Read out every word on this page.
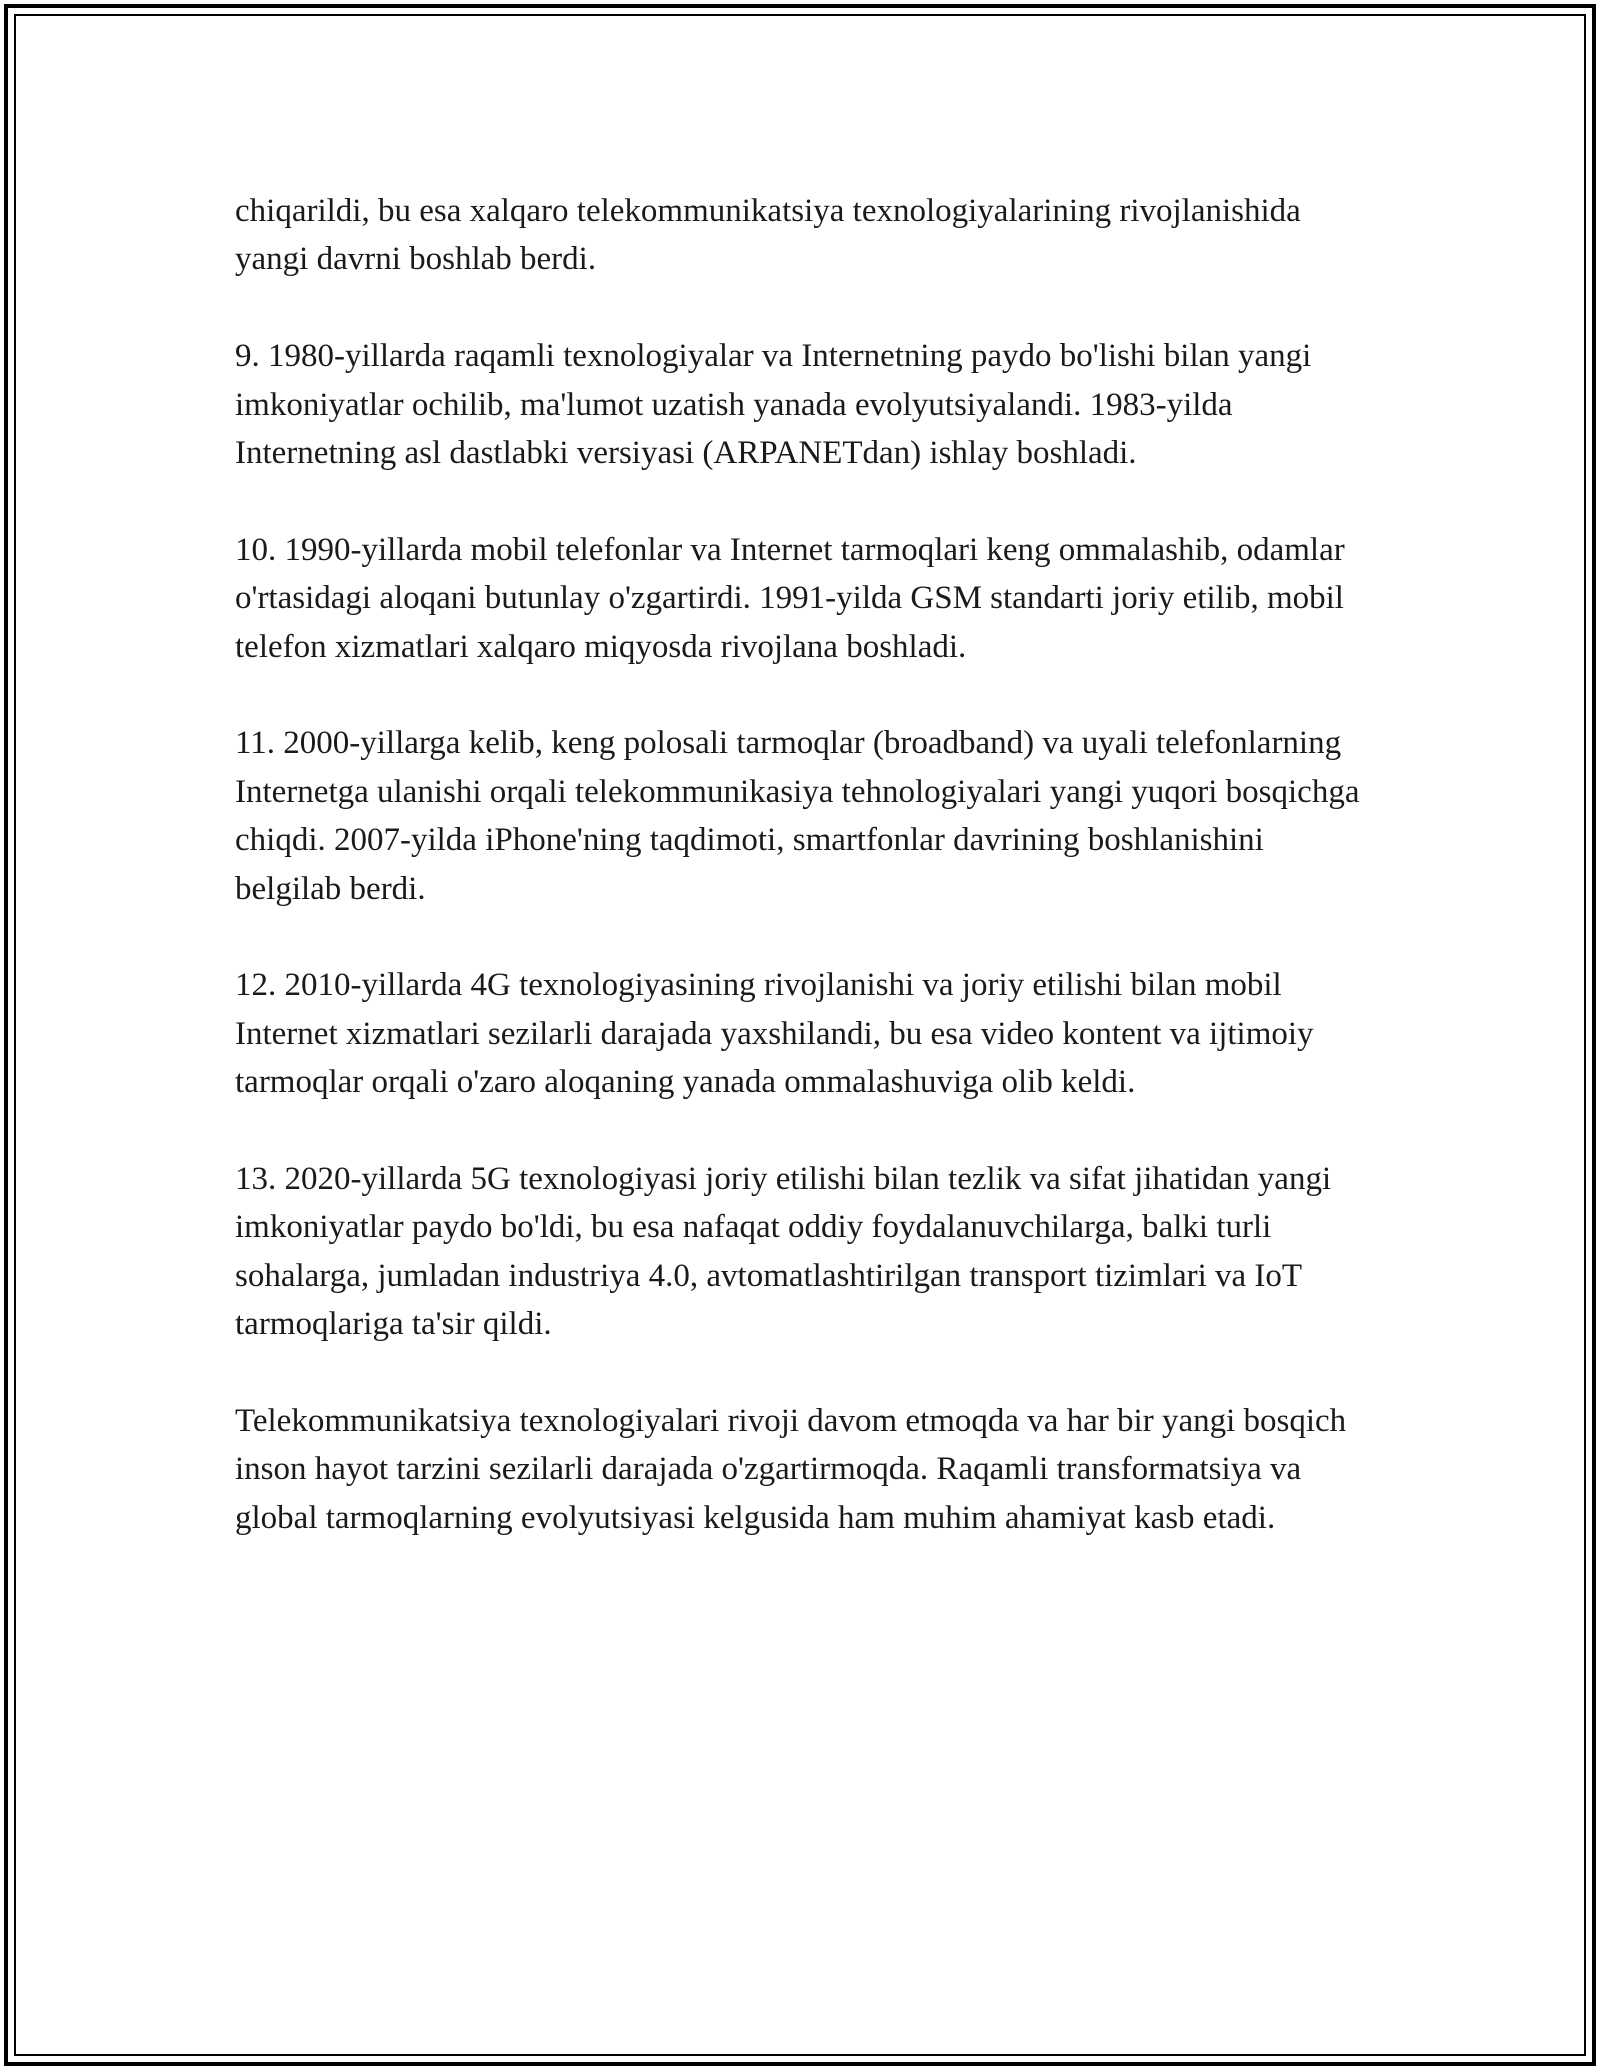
chiqarildi, bu esa xalqaro telekommunikatsiya texnologiyalarining rivojlanishida yangi davrni boshlab berdi.

9. 1980-yillarda raqamli texnologiyalar va Internetning paydo bo'lishi bilan yangi imkoniyatlar ochilib, ma'lumot uzatish yanada evolyutsiyalandi. 1983-yilda Internetning asl dastlabki versiyasi (ARPANETdan) ishlay boshladi.

10. 1990-yillarda mobil telefonlar va Internet tarmoqlari keng ommalashib, odamlar o'rtasidagi aloqani butunlay o'zgartirdi. 1991-yilda GSM standarti joriy etilib, mobil telefon xizmatlari xalqaro miqyosda rivojlana boshladi.

11. 2000-yillarga kelib, keng polosali tarmoqlar (broadband) va uyali telefonlarning Internetga ulanishi orqali telekommunikasiya tehnologiyalari yangi yuqori bosqichga chiqdi. 2007-yilda iPhone'ning taqdimoti, smartfonlar davrining boshlanishini belgilab berdi.

12. 2010-yillarda 4G texnologiyasining rivojlanishi va joriy etilishi bilan mobil Internet xizmatlari sezilarli darajada yaxshilandi, bu esa video kontent va ijtimoiy tarmoqlar orqali o'zaro aloqaning yanada ommalashuviga olib keldi.

13. 2020-yillarda 5G texnologiyasi joriy etilishi bilan tezlik va sifat jihatidan yangi imkoniyatlar paydo bo'ldi, bu esa nafaqat oddiy foydalanuvchilarga, balki turli sohalarga, jumladan industriya 4.0, avtomatlashtirilgan transport tizimlari va IoT tarmoqlariga ta'sir qildi.

Telekommunikatsiya texnologiyalari rivoji davom etmoqda va har bir yangi bosqich inson hayot tarzini sezilarli darajada o'zgartirmoqda. Raqamli transformatsiya va global tarmoqlarning evolyutsiyasi kelgusida ham muhim ahamiyat kasb etadi.
